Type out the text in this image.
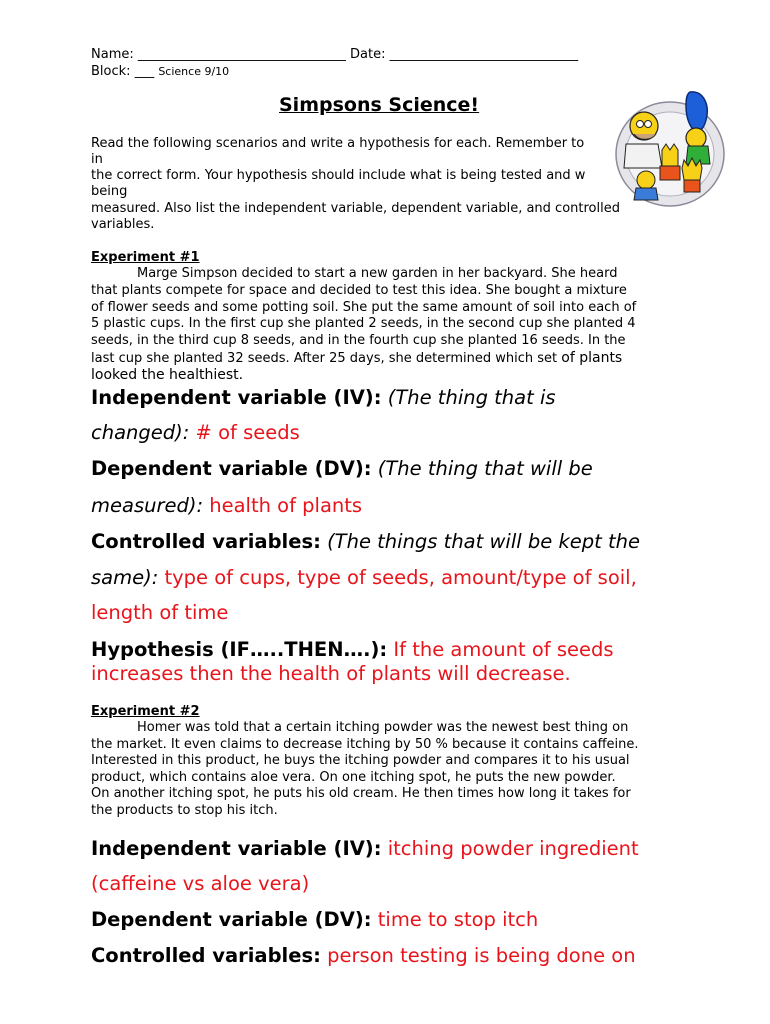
Name: ________________________________ Date: _____________________________
Block: ___ Science 9/10
Simpsons Science!
Read the following scenarios and write a hypothesis for each. Remember to
in
the correct form. Your hypothesis should include what is being tested and w
being
measured. Also list the independent variable, dependent variable, and controlled
variables.
Experiment #1
Marge Simpson decided to start a new garden in her backyard. She heard
that plants compete for space and decided to test this idea. She bought a mixture
of flower seeds and some potting soil. She put the same amount of soil into each of
5 plastic cups. In the first cup she planted 2 seeds, in the second cup she planted 4
seeds, in the third cup 8 seeds, and in the fourth cup she planted 16 seeds. In the
last cup she planted 32 seeds. After 25 days, she determined which set of plants
looked the healthiest.
Independent variable (IV): (The thing that is
changed): # of seeds
Dependent variable (DV): (The thing that will be
measured): health of plants
Controlled variables: (The things that will be kept the
same): type of cups, type of seeds, amount/type of soil,
length of time
Hypothesis (IF…..THEN….): If the amount of seeds
increases then the health of plants will decrease.
Experiment #2
Homer was told that a certain itching powder was the newest best thing on
the market. It even claims to decrease itching by 50 % because it contains caffeine.
Interested in this product, he buys the itching powder and compares it to his usual
product, which contains aloe vera. On one itching spot, he puts the new powder.
On another itching spot, he puts his old cream. He then times how long it takes for
the products to stop his itch.
Independent variable (IV): itching powder ingredient
(caffeine vs aloe vera)
Dependent variable (DV): time to stop itch
Controlled variables: person testing is being done on
